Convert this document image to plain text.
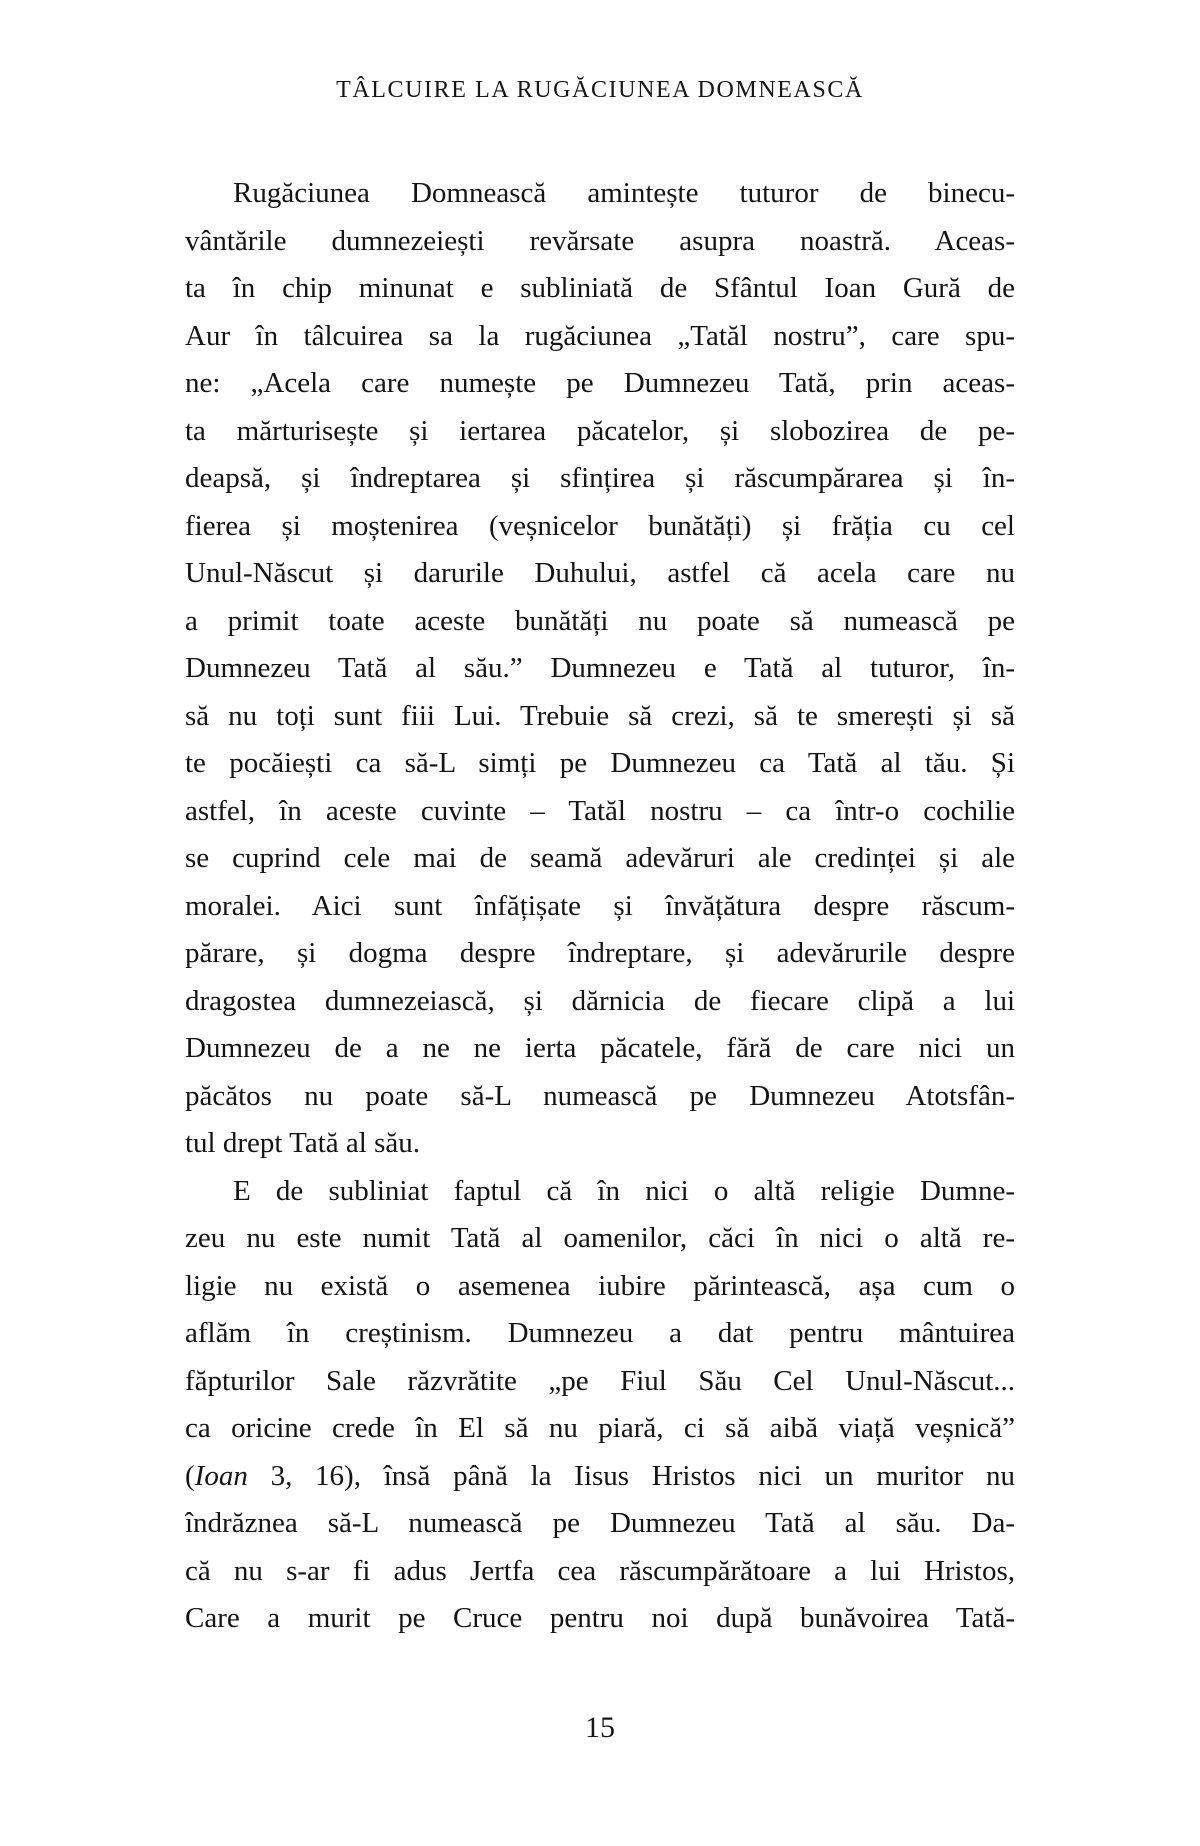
TÂLCUIRE LA RUGĂCIUNEA DOMNEASCĂ
Rugăciunea Domnească amintește tuturor de binecu-
vântările dumnezeiești revărsate asupra noastră. Aceas-
ta în chip minunat e subliniată de Sfântul Ioan Gură de
Aur în tâlcuirea sa la rugăciunea „Tatăl nostru”, care spu-
ne: „Acela care numește pe Dumnezeu Tată, prin aceas-
ta mărturisește și iertarea păcatelor, și slobozirea de pe-
deapsă, și îndreptarea și sfințirea și răscumpărarea și în-
fierea și moștenirea (veșnicelor bunătăți) și frăția cu cel
Unul-Născut și darurile Duhului, astfel că acela care nu
a primit toate aceste bunătăți nu poate să numească pe
Dumnezeu Tată al său.” Dumnezeu e Tată al tuturor, în-
să nu toți sunt fiii Lui. Trebuie să crezi, să te smerești și să
te pocăiești ca să-L simți pe Dumnezeu ca Tată al tău. Și
astfel, în aceste cuvinte – Tatăl nostru – ca într-o cochilie
se cuprind cele mai de seamă adevăruri ale credinței și ale
moralei. Aici sunt înfățișate și învățătura despre răscum-
părare, și dogma despre îndreptare, și adevărurile despre
dragostea dumnezeiască, și dărnicia de fiecare clipă a lui
Dumnezeu de a ne ne ierta păcatele, fără de care nici un
păcătos nu poate să-L numească pe Dumnezeu Atotsfân-
tul drept Tată al său.
E de subliniat faptul că în nici o altă religie Dumne-
zeu nu este numit Tată al oamenilor, căci în nici o altă re-
ligie nu există o asemenea iubire părintească, așa cum o
aflăm în creștinism. Dumnezeu a dat pentru mântuirea
făpturilor Sale răzvrătite „pe Fiul Său Cel Unul-Născut...
ca oricine crede în El să nu piară, ci să aibă viață veșnică”
(Ioan 3, 16), însă până la Iisus Hristos nici un muritor nu
îndrăznea să-L numească pe Dumnezeu Tată al său. Da-
că nu s-ar fi adus Jertfa cea răscumpărătoare a lui Hristos,
Care a murit pe Cruce pentru noi după bunăvoirea Tată-
15
